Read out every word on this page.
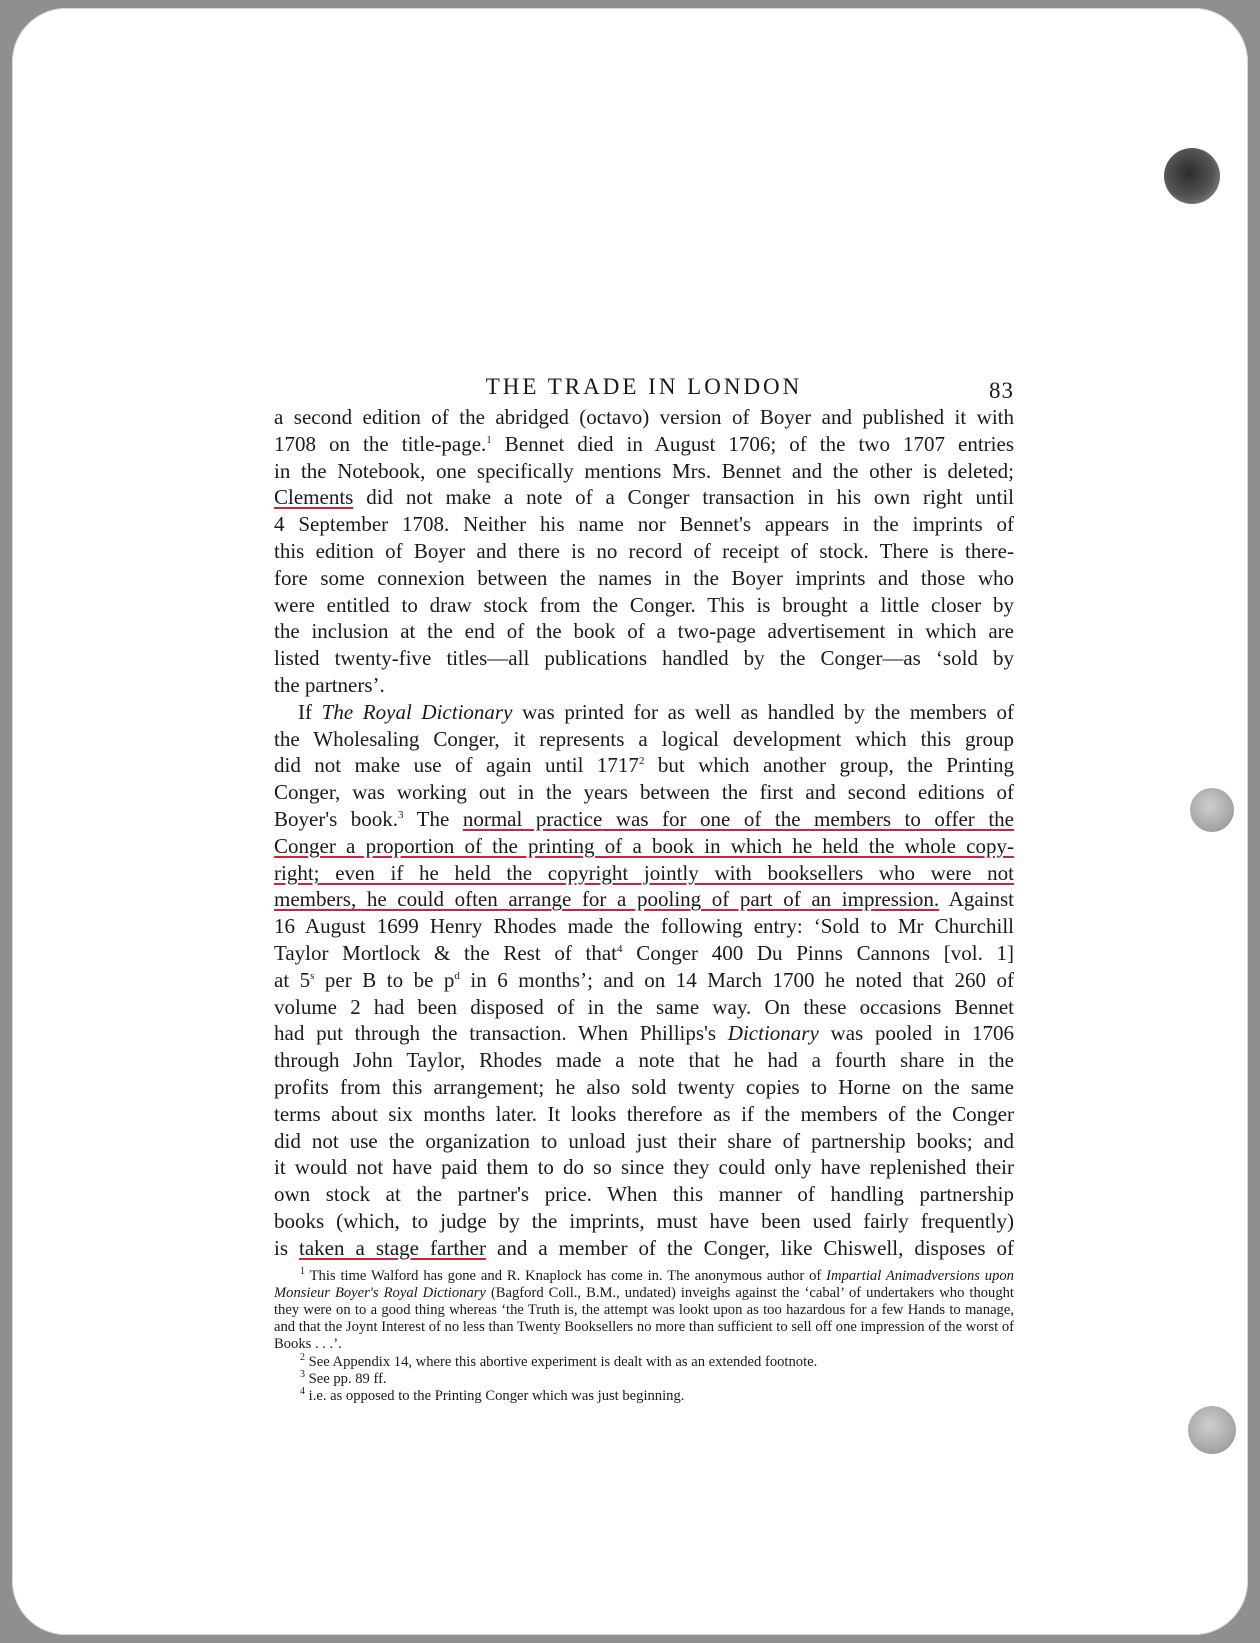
THE TRADE IN LONDON	83

a second edition of the abridged (octavo) version of Boyer and published it with

1708 on the title-page.$^1$ Bennet died in August 1706; of the two 1707 entries

in the Notebook, one specifically mentions Mrs. Bennet and the other is deleted;

Clements did not make a note of a Conger transaction in his own right until

4 September 1708. Neither his name nor Bennet's appears in the imprints of

this edition of Boyer and there is no record of receipt of stock. There is there-

fore some connexion between the names in the Boyer imprints and those who

were entitled to draw stock from the Conger. This is brought a little closer by

the inclusion at the end of the book of a two-page advertisement in which are

listed twenty-five titles—all publications handled by the Conger—as ‘sold by

the partners’.

If The Royal Dictionary was printed for as well as handled by the members of

the Wholesaling Conger, it represents a logical development which this group

did not make use of again until 1717$^2$ but which another group, the Printing

Conger, was working out in the years between the first and second editions of

Boyer's book.$^3$ The normal practice was for one of the members to offer the

Conger a proportion of the printing of a book in which he held the whole copy-

right; even if he held the copyright jointly with booksellers who were not

members, he could often arrange for a pooling of part of an impression. Against

16 August 1699 Henry Rhodes made the following entry: ‘Sold to Mr Churchill

Taylor Mortlock & the Rest of that$^4$ Conger 400 Du Pinns Cannons [vol. 1]

at 5$^s$ per B to be $p^d$ in 6 months’; and on 14 March 1700 he noted that 260 of

volume 2 had been disposed of in the same way. On these occasions Bennet

had put through the transaction. When Phillips's Dictionary was pooled in 1706

through John Taylor, Rhodes made a note that he had a fourth share in the

profits from this arrangement; he also sold twenty copies to Horne on the same

terms about six months later. It looks therefore as if the members of the Conger

did not use the organization to unload just their share of partnership books; and

it would not have paid them to do so since they could only have replenished their

own stock at the partner's price. When this manner of handling partnership

books (which, to judge by the imprints, must have been used fairly frequently)

is taken a stage farther and a member of the Conger, like Chiswell, disposes of

$^1$ This time Walford has gone and R. Knaplock has come in. The anonymous author of Impartial Animadversions upon Monsieur Boyer's Royal Dictionary (Bagford Coll., B.M., undated) inveighs against the ‘cabal’ of undertakers who thought they were on to a good thing whereas ‘the Truth is, the attempt was lookt upon as too hazardous for a few Hands to manage, and that the Joynt Interest of no less than Twenty Booksellers no more than sufficient to sell off one impression of the worst of Books . . .’.

$^2$ See Appendix 14, where this abortive experiment is dealt with as an extended footnote.

$^3$ See pp. 89 ff.

$^4$ i.e. as opposed to the Printing Conger which was just beginning.
